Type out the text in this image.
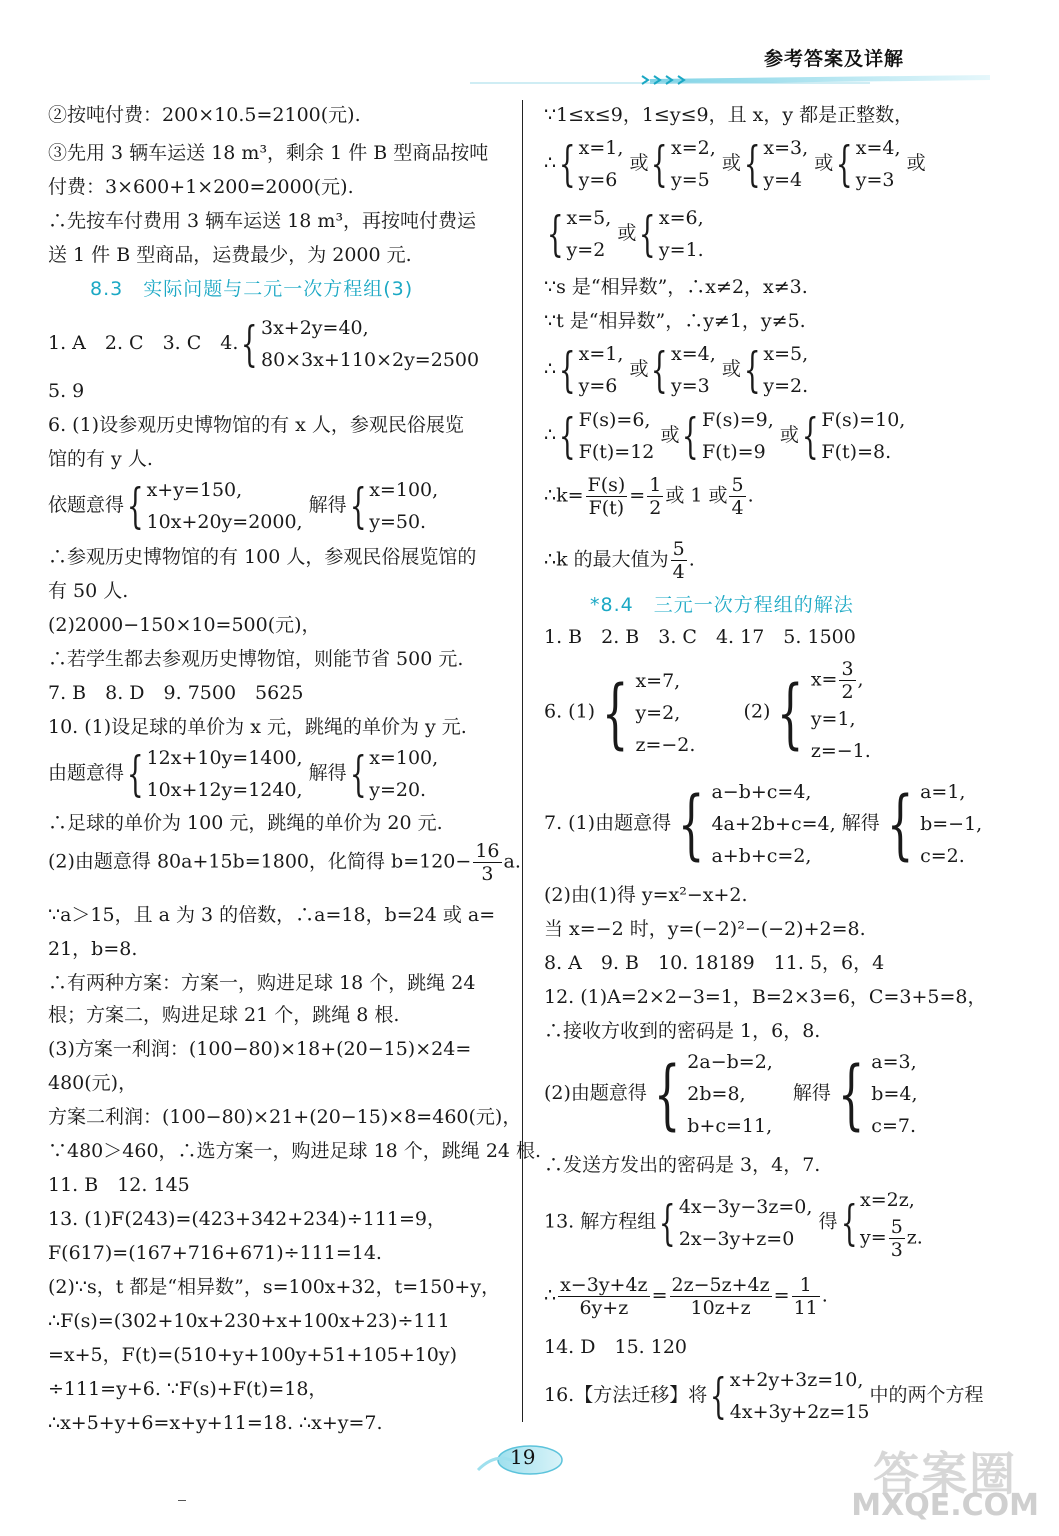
参考答案及详解
②按吨付费：200×10.5=2100(元).
③先用 3 辆车运送 18 m³，剩余 1 件 B 型商品按吨
付费：3×600+1×200=2000(元).
∴先按车付费用 3 辆车运送 18 m³，再按吨付费运
送 1 件 B 型商品，运费最少，为 2000 元.
8.3　实际问题与二元一次方程组(3)
1. A　2. C　3. C　4.{ 3x+2y=40,
80×3x+110×2y=2500
5. 9
6. (1)设参观历史博物馆的有 x 人，参观民俗展览
馆的有 y 人.
依题意得{ x+y=150,
10x+20y=2000,
解得{ x=100,
y=50.
∴参观历史博物馆的有 100 人，参观民俗展览馆的
有 50 人.
(2)2000−150×10=500(元)，
∴若学生都去参观历史博物馆，则能节省 500 元.
7. B　8. D　9. 7500　5625
10. (1)设足球的单价为 x 元，跳绳的单价为 y 元.
由题意得{ 12x+10y=1400,
10x+12y=1240,
解得{ x=100,
y=20.
∴足球的单价为 100 元，跳绳的单价为 20 元.
(2)由题意得 80a+15b=1800，化简得 $b=120- \frac{16}{3} a$.
∵a＞15，且 a 为 3 的倍数，∴a=18，b=24 或 a=
21，b=8.
∴有两种方案：方案一，购进足球 18 个，跳绳 24
根；方案二，购进足球 21 个，跳绳 8 根.
(3)方案一利润：(100−80)×18+(20−15)×24=
480(元)，
方案二利润：(100−80)×21+(20−15)×8=460(元)，
∵480＞460，∴选方案一，购进足球 18 个，跳绳 24 根.
11. B　12. 145
13. (1)F(243)=(423+342+234)÷111=9，
F(617)=(167+716+671)÷111=14.
(2)∵s，t 都是“相异数”，s=100x+32，t=150+y，
∴F(s)=(302+10x+230+x+100x+23)÷111
=x+5，F(t)=(510+y+100y+51+105+10y)
÷111=y+6. ∵F(s)+F(t)=18，
∴x+5+y+6=x+y+11=18. ∴x+y=7.
∵1≤x≤9，1≤y≤9，且 x，y 都是正整数，
∴{ x=1,
y=6
或{ x=2,
y=5
或{ x=3,
y=4
或{ x=4,
y=3
或
{ x=5,
y=2
或{ x=6,
y=1.
∵s 是“相异数”，∴x≠2，x≠3.
∵t 是“相异数”，∴y≠1，y≠5.
∴{ x=1,
y=6
或{ x=4,
y=3
或{ x=5,
y=2.
∴{ F(s)=6,
F(t)=12
或{ F(s)=9,
F(t)=9
或{ F(s)=10,
F(t)=8.
∴k= $\frac{F(s)}{F(t)} = \frac{1}{2}$ 或 1 或 $\frac{5}{4}$ .
∴k 的最大值为 $\frac{5}{4}$ .
*8.4　三元一次方程组的解法
1. B　2. B　3. C　4. 17　5. 1500
6. (1){ x=7,
y=2,
z=−2.
(2){ $x= \frac{3}{2}$ ,
y=1,
z=−1.
7. (1)由题意得{ a−b+c=4,
4a+2b+c=4,
a+b+c=2,
解得{ a=1,
b=−1,
c=2.
(2)由(1)得 y=x²−x+2.
当 x=−2 时，y=(−2)²−(−2)+2=8.
8. A　9. B　10. 18189　11. 5，6，4
12. (1)A=2×2−3=1，B=2×3=6，C=3+5=8，
∴接收方收到的密码是 1，6，8.
(2)由题意得{ 2a−b=2,
2b=8,
b+c=11,
解得{ a=3,
b=4,
c=7.
∴发送方发出的密码是 3，4，7.
13. 解方程组{ 4x−3y−3z=0,
2x−3y+z=0
得{ x=2z,
$y= \frac{5}{3} z$.
∴ $\frac{x-3y+4z}{6y+z} = \frac{2z-5z+4z}{10z+z} = \frac{1}{11}$ .
14. D　15. 120
16.【方法迁移】将{ x+2y+3z=10,
4x+3y+2z=15
中的两个方程
19	答案圈
MXQE.COM
